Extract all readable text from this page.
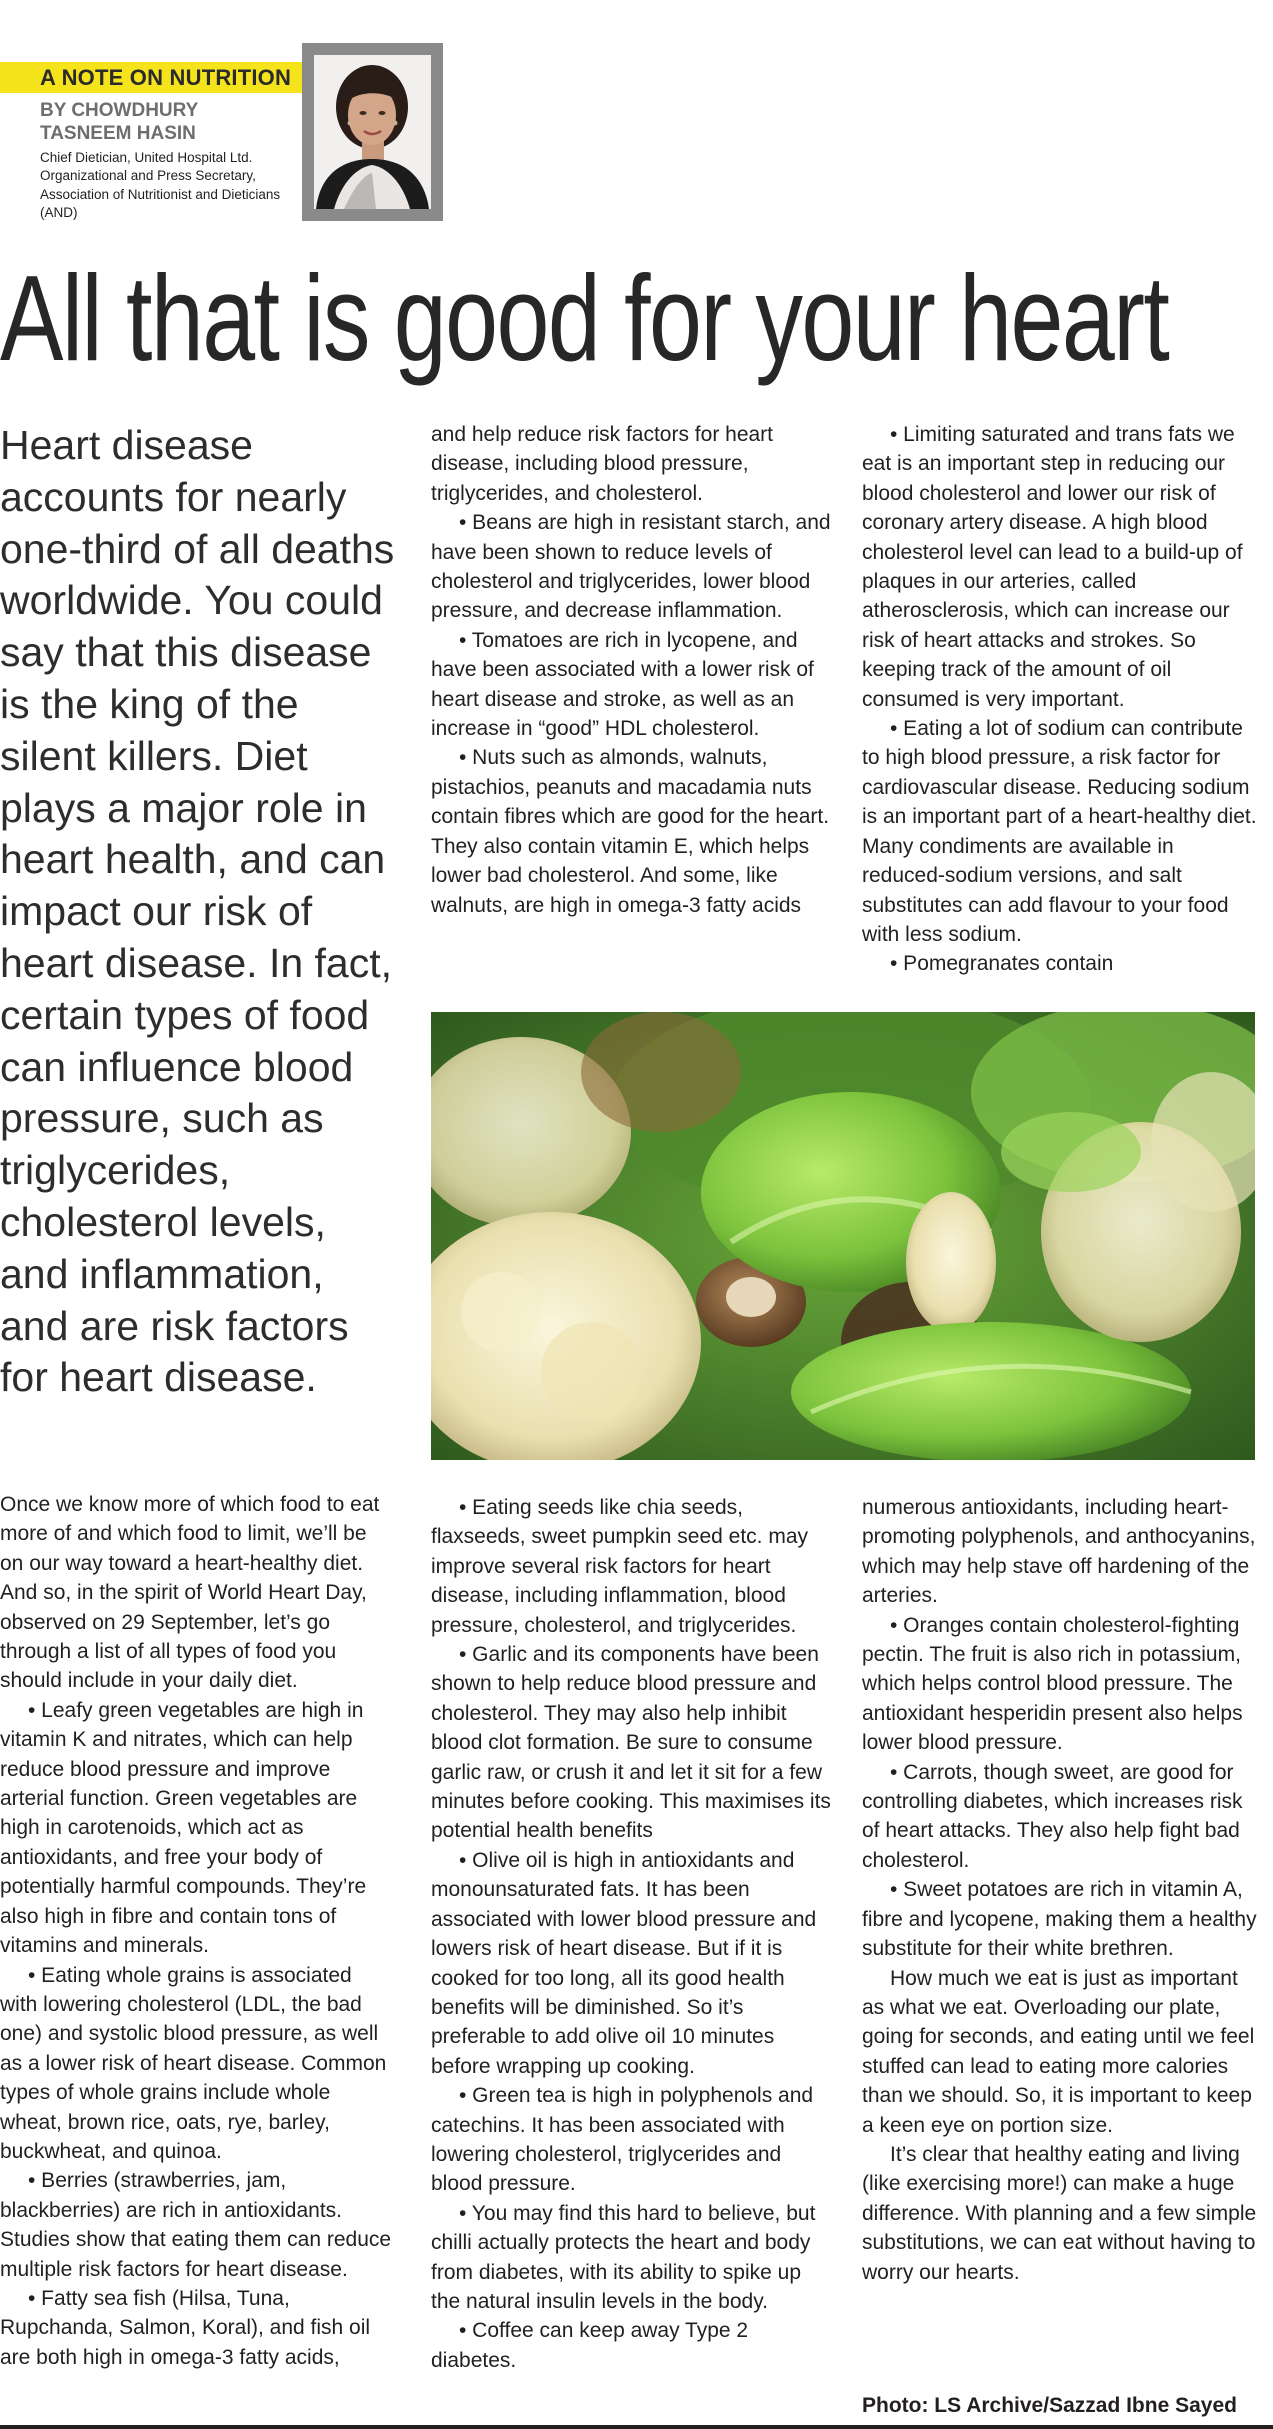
A NOTE ON NUTRITION
BY CHOWDHURY
TASNEEM HASIN
Chief Dietician, United Hospital Ltd. Organizational and Press Secretary, Association of Nutritionist and Dieticians (AND)
All that is good for your heart
Heart disease accounts for nearly one-third of all deaths worldwide. You could say that this disease is the king of the silent killers. Diet plays a major role in heart health, and can impact our risk of heart disease. In fact, certain types of food can influence blood pressure, such as triglycerides, cholesterol levels, and inflammation, and are risk factors for heart disease.

Once we know more of which food to eat more of and which food to limit, we’ll be on our way toward a heart-healthy diet. And so, in the spirit of World Heart Day, observed on 29 September, let’s go through a list of all types of food you should include in your daily diet.

• Leafy green vegetables are high in vitamin K and nitrates, which can help reduce blood pressure and improve arterial function. Green vegetables are high in carotenoids, which act as antioxidants, and free your body of potentially harmful compounds. They’re also high in fibre and contain tons of vitamins and minerals.

• Eating whole grains is associated with lowering cholesterol (LDL, the bad one) and systolic blood pressure, as well as a lower risk of heart disease. Common types of whole grains include whole wheat, brown rice, oats, rye, barley, buckwheat, and quinoa.

• Berries (strawberries, jam, blackberries) are rich in antioxidants. Studies show that eating them can reduce multiple risk factors for heart disease.

• Fatty sea fish (Hilsa, Tuna, Rupchanda, Salmon, Koral), and fish oil are both high in omega-3 fatty acids,

and help reduce risk factors for heart disease, including blood pressure, triglycerides, and cholesterol.

• Beans are high in resistant starch, and have been shown to reduce levels of cholesterol and triglycerides, lower blood pressure, and decrease inflammation.

• Tomatoes are rich in lycopene, and have been associated with a lower risk of heart disease and stroke, as well as an increase in “good” HDL cholesterol.

• Nuts such as almonds, walnuts, pistachios, peanuts and macadamia nuts contain fibres which are good for the heart. They also contain vitamin E, which helps lower bad cholesterol. And some, like walnuts, are high in omega-3 fatty acids

• Limiting saturated and trans fats we eat is an important step in reducing our blood cholesterol and lower our risk of coronary artery disease. A high blood cholesterol level can lead to a build-up of plaques in our arteries, called atherosclerosis, which can increase our risk of heart attacks and strokes. So keeping track of the amount of oil consumed is very important.

• Eating a lot of sodium can contribute to high blood pressure, a risk factor for cardiovascular disease. Reducing sodium is an important part of a heart-healthy diet. Many condiments are available in reduced-sodium versions, and salt substitutes can add flavour to your food with less sodium.

• Pomegranates contain

• Eating seeds like chia seeds, flaxseeds, sweet pumpkin seed etc. may improve several risk factors for heart disease, including inflammation, blood pressure, cholesterol, and triglycerides.

• Garlic and its components have been shown to help reduce blood pressure and cholesterol. They may also help inhibit blood clot formation. Be sure to consume garlic raw, or crush it and let it sit for a few minutes before cooking. This maximises its potential health benefits

• Olive oil is high in antioxidants and monounsaturated fats. It has been associated with lower blood pressure and lowers risk of heart disease. But if it is cooked for too long, all its good health benefits will be diminished. So it’s preferable to add olive oil 10 minutes before wrapping up cooking.

• Green tea is high in polyphenols and catechins. It has been associated with lowering cholesterol, triglycerides and blood pressure.

• You may find this hard to believe, but chilli actually protects the heart and body from diabetes, with its ability to spike up the natural insulin levels in the body.

• Coffee can keep away Type 2 diabetes.

numerous antioxidants, including heart-promoting polyphenols, and anthocyanins, which may help stave off hardening of the arteries.

• Oranges contain cholesterol-fighting pectin. The fruit is also rich in potassium, which helps control blood pressure. The antioxidant hesperidin present also helps lower blood pressure.

• Carrots, though sweet, are good for controlling diabetes, which increases risk of heart attacks. They also help fight bad cholesterol.

• Sweet potatoes are rich in vitamin A, fibre and lycopene, making them a healthy substitute for their white brethren.

How much we eat is just as important as what we eat. Overloading our plate, going for seconds, and eating until we feel stuffed can lead to eating more calories than we should. So, it is important to keep a keen eye on portion size.

It’s clear that healthy eating and living (like exercising more!) can make a huge difference. With planning and a few simple substitutions, we can eat without having to worry our hearts.

Photo: LS Archive/Sazzad Ibne Sayed
